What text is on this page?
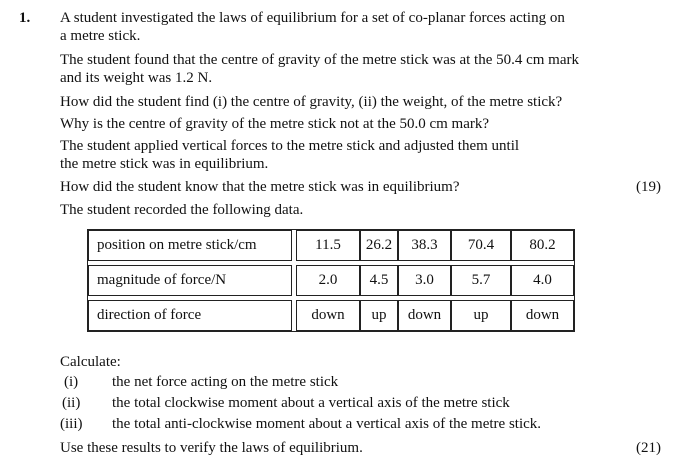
1. A student investigated the laws of equilibrium for a set of co-planar forces acting on
a metre stick.
The student found that the centre of gravity of the metre stick was at the 50.4 cm mark
and its weight was 1.2 N.
How did the student find (i) the centre of gravity, (ii) the weight, of the metre stick?
Why is the centre of gravity of the metre stick not at the 50.0 cm mark?
The student applied vertical forces to the metre stick and adjusted them until
the metre stick was in equilibrium.
How did the student know that the metre stick was in equilibrium?	(19)
The student recorded the following data.
position on metre stick/cm		11.5	26.2	38.3	70.4	80.2

magnitude of force/N		2.0	4.5	3.0	5.7	4.0

direction of force		down	up	down	up	down
Calculate:
(i) the net force acting on the metre stick
(ii) the total clockwise moment about a vertical axis of the metre stick
(iii) the total anti-clockwise moment about a vertical axis of the metre stick.
Use these results to verify the laws of equilibrium.	(21)
